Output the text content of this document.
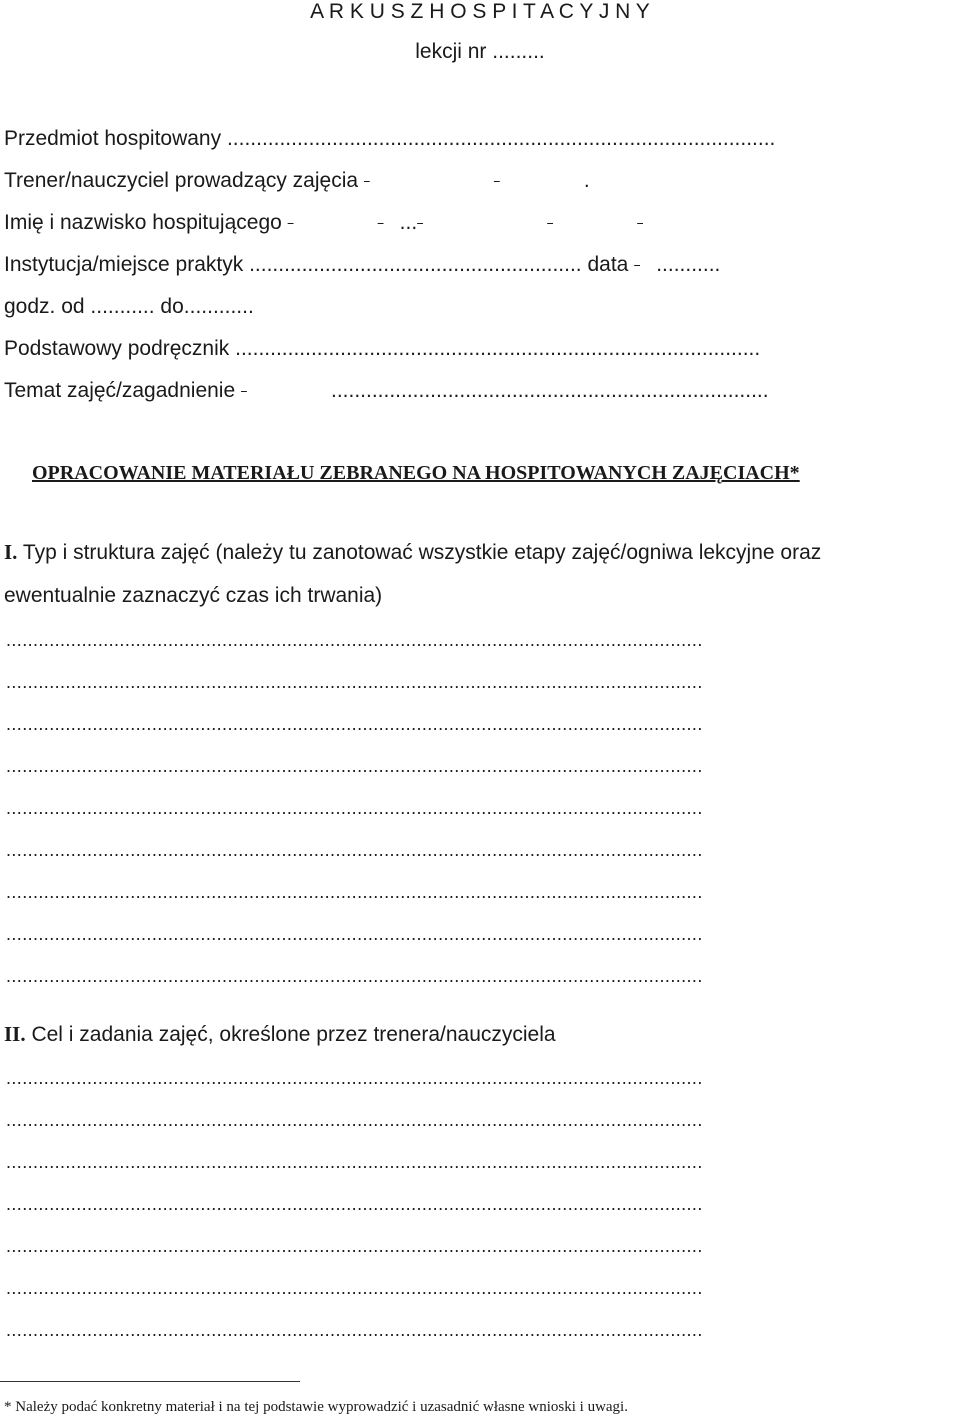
A R K U S Z H O S P I T A C Y J N Y
lekcji nr .........
Przedmiot hospitowany ..............................................................................................
Trener/nauczyciel prowadzący zajęcia	.
Imię i nazwisko hospitującego	...
Instytucja/miejsce praktyk ......................................................... data ...........
godz. od ........... do............
Podstawowy podręcznik ..........................................................................................
Temat zajęć/zagadnienie	...........................................................................
OPRACOWANIE MATERIAŁU ZEBRANEGO NA HOSPITOWANYCH ZAJĘCIACH*
I. Typ i struktura zajęć (należy tu zanotować wszystkie etapy zajęć/ogniwa lekcyjne oraz
ewentualnie zaznaczyć czas ich trwania)
.................................................................................................................................
.................................................................................................................................
.................................................................................................................................
.................................................................................................................................
.................................................................................................................................
.................................................................................................................................
.................................................................................................................................
.................................................................................................................................
.................................................................................................................................
II. Cel i zadania zajęć, określone przez trenera/nauczyciela
.................................................................................................................................
.................................................................................................................................
.................................................................................................................................
.................................................................................................................................
.................................................................................................................................
.................................................................................................................................
.................................................................................................................................
* Należy podać konkretny materiał i na tej podstawie wyprowadzić i uzasadnić własne wnioski i uwagi.
